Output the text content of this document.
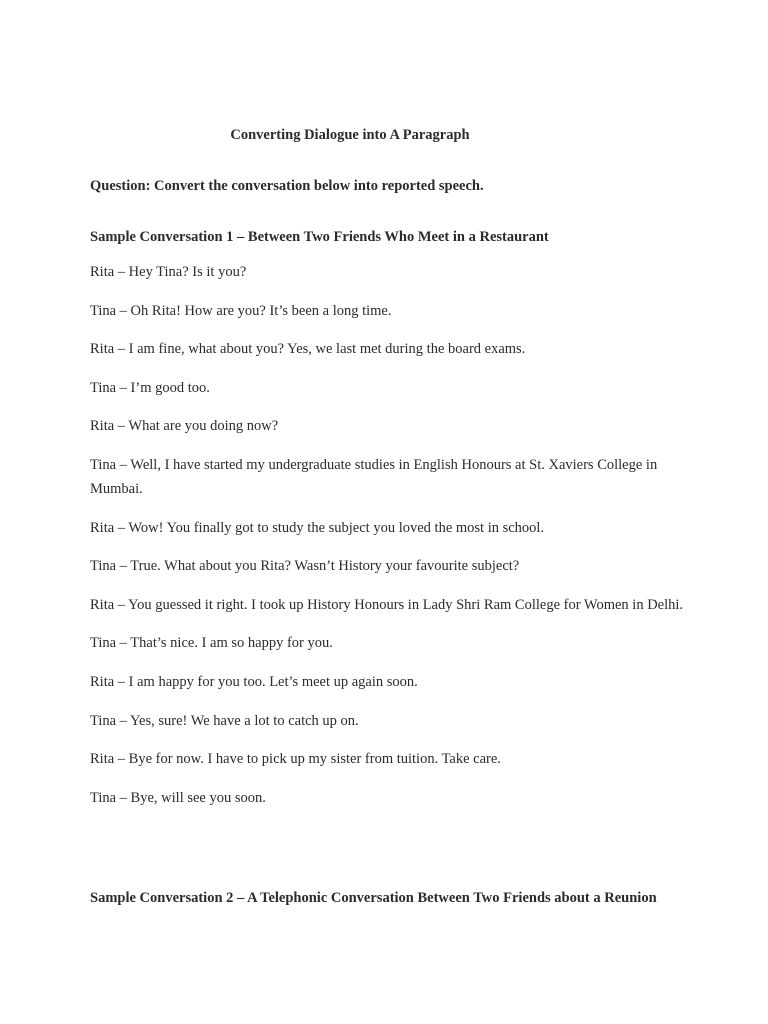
Converting Dialogue into A Paragraph
Question: Convert the conversation below into reported speech.
Sample Conversation 1 – Between Two Friends Who Meet in a Restaurant
Rita – Hey Tina? Is it you?
Tina – Oh Rita! How are you? It’s been a long time.
Rita – I am fine, what about you? Yes, we last met during the board exams.
Tina – I’m good too.
Rita – What are you doing now?
Tina – Well, I have started my undergraduate studies in English Honours at St. Xaviers College in Mumbai.
Rita – Wow! You finally got to study the subject you loved the most in school.
Tina – True. What about you Rita? Wasn’t History your favourite subject?
Rita – You guessed it right. I took up History Honours in Lady Shri Ram College for Women in Delhi.
Tina – That’s nice. I am so happy for you.
Rita – I am happy for you too. Let’s meet up again soon.
Tina – Yes, sure! We have a lot to catch up on.
Rita – Bye for now. I have to pick up my sister from tuition. Take care.
Tina – Bye, will see you soon.
Sample Conversation 2 – A Telephonic Conversation Between Two Friends about a Reunion
